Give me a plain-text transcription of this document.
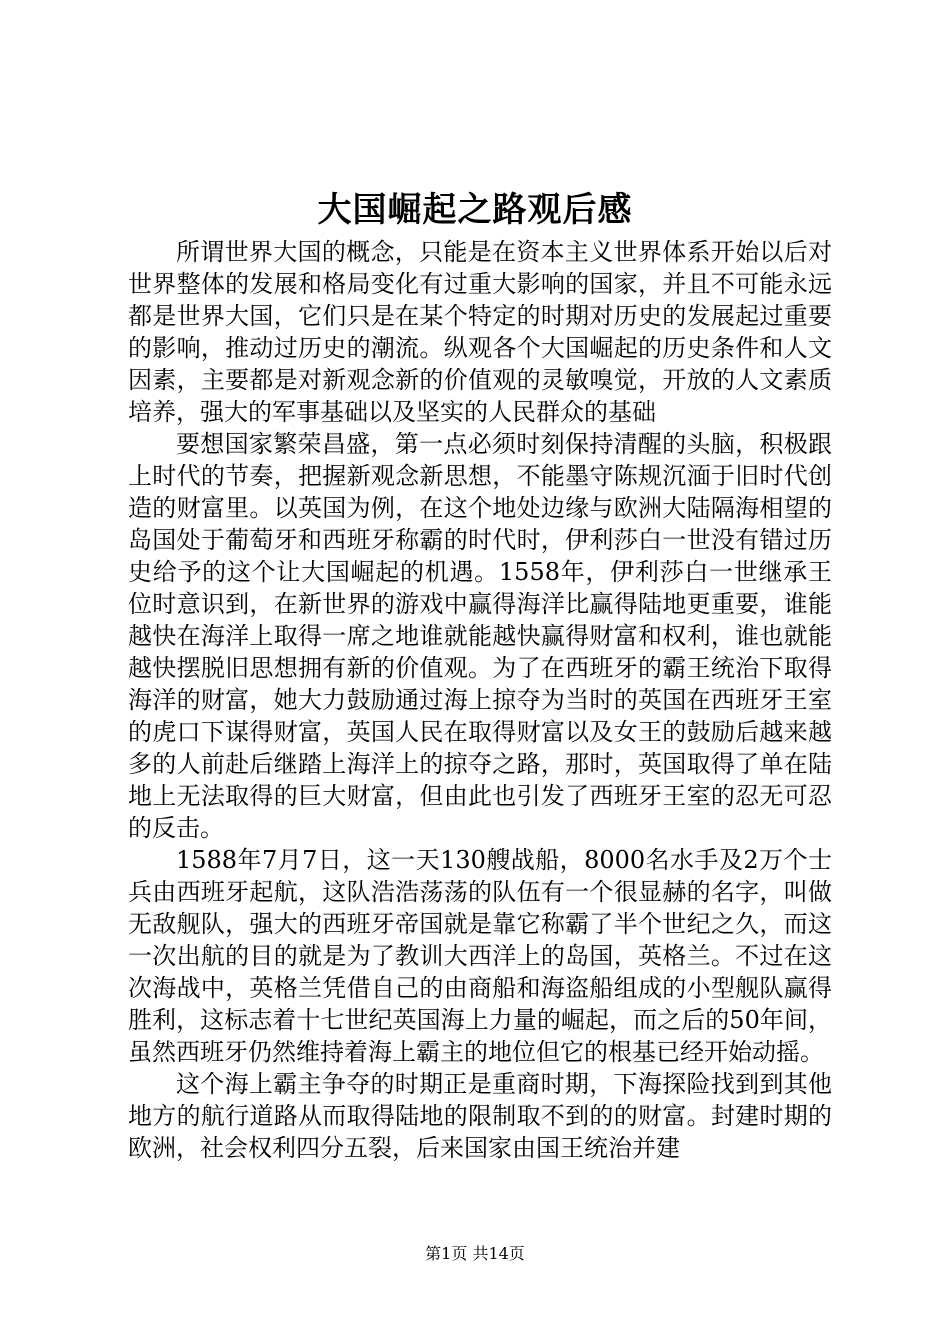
大国崛起之路观后感

所谓世界大国的概念，只能是在资本主义世界体系开始以后对世界整体的发展和格局变化有过重大影响的国家，并且不可能永远都是世界大国，它们只是在某个特定的时期对历史的发展起过重要的影响，推动过历史的潮流。纵观各个大国崛起的历史条件和人文因素，主要都是对新观念新的价值观的灵敏嗅觉，开放的人文素质培养，强大的军事基础以及坚实的人民群众的基础

要想国家繁荣昌盛，第一点必须时刻保持清醒的头脑，积极跟上时代的节奏，把握新观念新思想，不能墨守陈规沉湎于旧时代创造的财富里。以英国为例，在这个地处边缘与欧洲大陆隔海相望的岛国处于葡萄牙和西班牙称霸的时代时，伊利莎白一世没有错过历史给予的这个让大国崛起的机遇。1558年，伊利莎白一世继承王位时意识到，在新世界的游戏中赢得海洋比赢得陆地更重要，谁能越快在海洋上取得一席之地谁就能越快赢得财富和权利，谁也就能越快摆脱旧思想拥有新的价值观。为了在西班牙的霸王统治下取得海洋的财富，她大力鼓励通过海上掠夺为当时的英国在西班牙王室的虎口下谋得财富，英国人民在取得财富以及女王的鼓励后越来越多的人前赴后继踏上海洋上的掠夺之路，那时，英国取得了单在陆地上无法取得的巨大财富，但由此也引发了西班牙王室的忍无可忍的反击。

1588年7月7日，这一天130艘战船，8000名水手及2万个士兵由西班牙起航，这队浩浩荡荡的队伍有一个很显赫的名字，叫做无敌舰队，强大的西班牙帝国就是靠它称霸了半个世纪之久，而这一次出航的目的就是为了教训大西洋上的岛国，英格兰。不过在这次海战中，英格兰凭借自己的由商船和海盗船组成的小型舰队赢得胜利，这标志着十七世纪英国海上力量的崛起，而之后的50年间，虽然西班牙仍然维持着海上霸主的地位但它的根基已经开始动摇。

这个海上霸主争夺的时期正是重商时期，下海探险找到到其他地方的航行道路从而取得陆地的限制取不到的的财富。封建时期的欧洲，社会权利四分五裂，后来国家由国王统治并建

第1页 共14页
